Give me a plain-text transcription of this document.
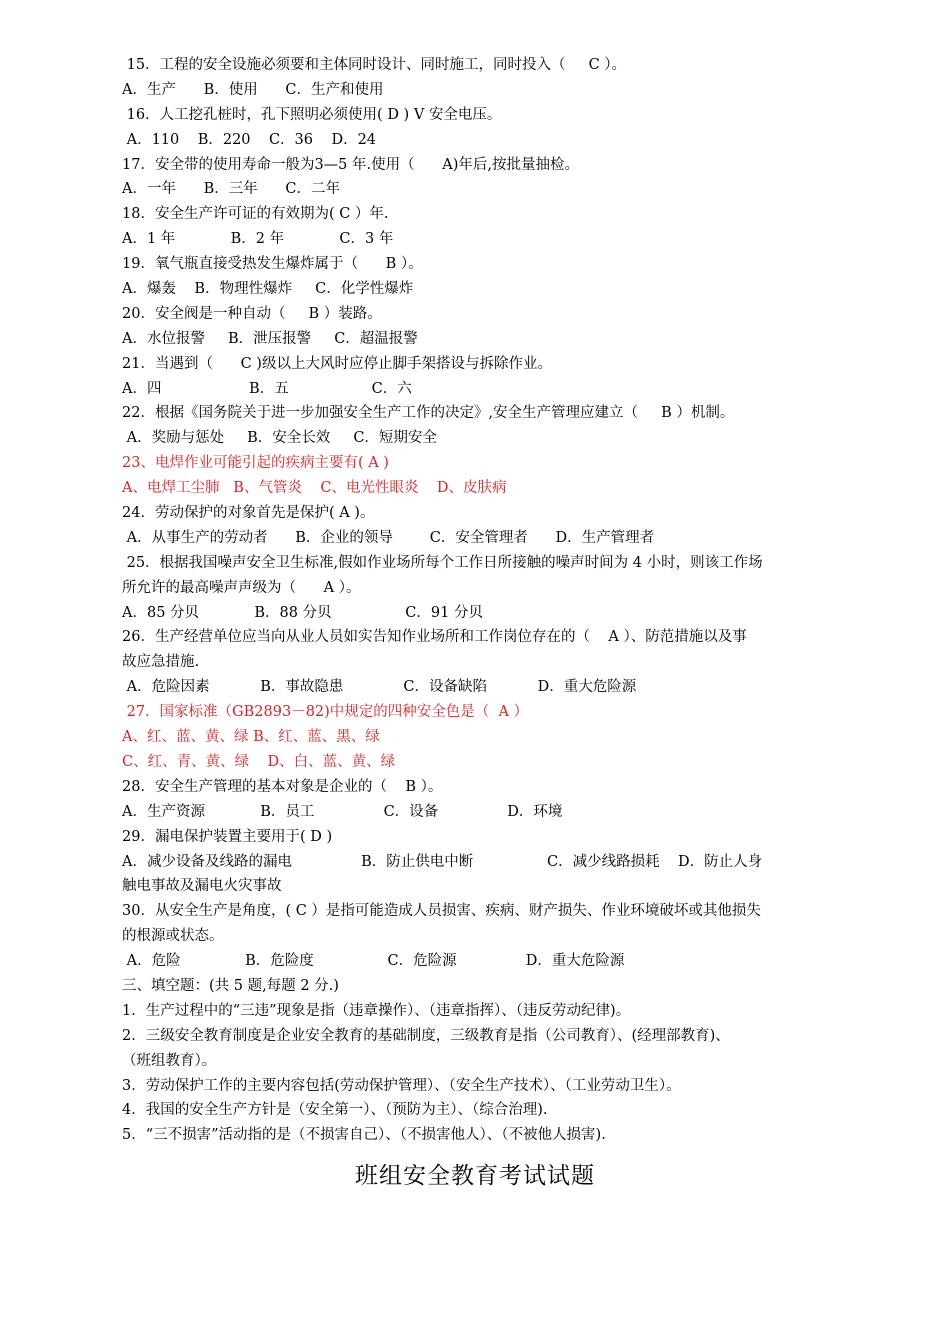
15．工程的安全设施必须要和主体同时设计、同时施工，同时投入（     C ）。
A．生产      B．使用      C．生产和使用
16．人工挖孔桩时，孔下照明必须使用( D ) V 安全电压。
A．110    B．220    C．36    D．24
17．安全带的使用寿命一般为3—5 年.使用（      A)年后,按批量抽检。
A．一年      B．三年      C．二年
18．安全生产许可证的有效期为( C ）年.
A．1 年            B．2 年            C．3 年
19．氧气瓶直接受热发生爆炸属于（      B ）。
A．爆轰    B．物理性爆炸     C．化学性爆炸
20．安全阀是一种自动（     B ）装路。
A．水位报警     B．泄压报警     C．超温报警
21．当遇到（      C )级以上大风时应停止脚手架搭设与拆除作业。
A．四                   B．五                  C．六
22．根据《国务院关于进一步加强安全生产工作的决定》,安全生产管理应建立（     B ）机制。
A．奖励与惩处     B．安全长效     C．短期安全
23、电焊作业可能引起的疾病主要有( A )
A、电焊工尘肺   B、气管炎    C、电光性眼炎    D、皮肤病
24．劳动保护的对象首先是保护( A )。
A．从事生产的劳动者      B．企业的领导        C．安全管理者      D．生产管理者
25．根据我国噪声安全卫生标准,假如作业场所每个工作日所接触的噪声时间为 4 小时，则该工作场
所允许的最高噪声声级为（      A ）。
A．85 分贝            B．88 分贝                C．91 分贝
26．生产经营单位应当向从业人员如实告知作业场所和工作岗位存在的（    A ）、防范措施以及事
故应急措施.
A．危险因素           B．事故隐患             C．设备缺陷           D．重大危险源
27．国家标准（GB2893－82)中规定的四种安全色是（  A ）
A、红、蓝、黄、绿 B、红、蓝、黑、绿
C、红、青、黄、绿    D、白、蓝、黄、绿
28．安全生产管理的基本对象是企业的（    B ）。
A．生产资源            B．员工               C．设备               D．环境
29．漏电保护装置主要用于( D )
A．减少设备及线路的漏电               B．防止供电中断                C．减少线路损耗    D．防止人身
触电事故及漏电火灾事故
30．从安全生产是角度，( C ）是指可能造成人员损害、疾病、财产损失、作业环境破坏或其他损失
的根源或状态。
A．危险              B．危险度                C．危险源               D．重大危险源
三、填空题：(共 5 题,每题 2 分.)
1．生产过程中的“三违”现象是指（违章操作）、（违章指挥）、（违反劳动纪律)。
2．三级安全教育制度是企业安全教育的基础制度，三级教育是指（公司教育）、(经理部教育)、
（班组教育）。
3．劳动保护工作的主要内容包括(劳动保护管理）、（安全生产技术）、（工业劳动卫生）。
4．我国的安全生产方针是（安全第一）、（预防为主）、（综合治理).
5．“三不损害”活动指的是（不损害自己）、（不损害他人）、（不被他人损害).
班组安全教育考试试题
